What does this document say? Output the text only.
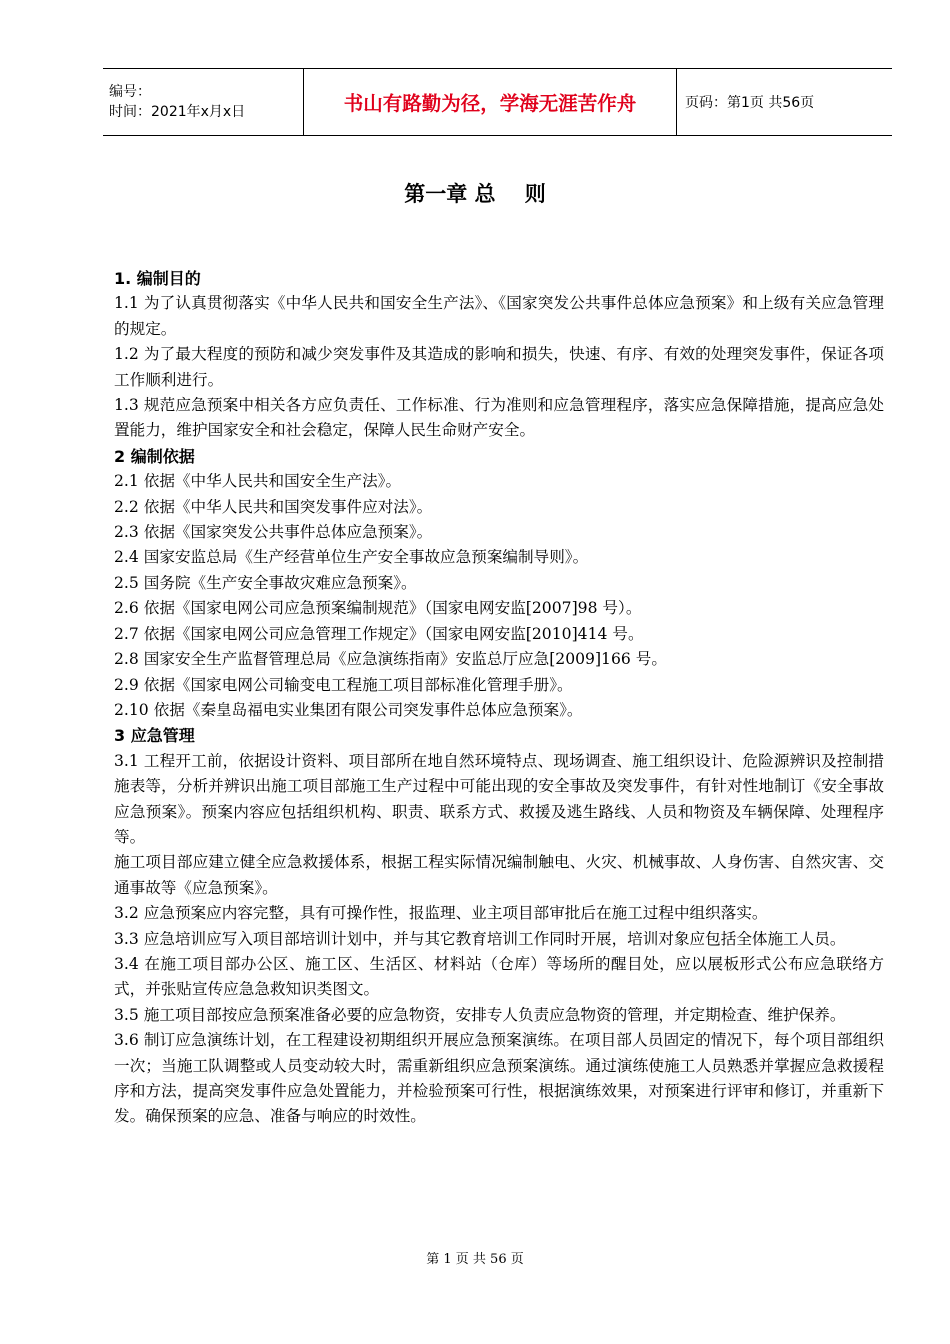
编号：
时间：2021年x月x日	书山有路勤为径，学海无涯苦作舟	页码：第1页 共56页
第一章 总    则

1. 编制目的

1.1 为了认真贯彻落实《中华人民共和国安全生产法》、《国家突发公共事件总体应急预案》和上级有关应急管理的规定。

1.2 为了最大程度的预防和减少突发事件及其造成的影响和损失，快速、有序、有效的处理突发事件，保证各项工作顺利进行。

1.3 规范应急预案中相关各方应负责任、工作标准、行为准则和应急管理程序，落实应急保障措施，提高应急处置能力，维护国家安全和社会稳定，保障人民生命财产安全。

2 编制依据

2.1 依据《中华人民共和国安全生产法》。

2.2 依据《中华人民共和国突发事件应对法》。

2.3 依据《国家突发公共事件总体应急预案》。

2.4 国家安监总局《生产经营单位生产安全事故应急预案编制导则》。

2.5 国务院《生产安全事故灾难应急预案》。

2.6 依据《国家电网公司应急预案编制规范》（国家电网安监[2007]98 号）。

2.7 依据《国家电网公司应急管理工作规定》（国家电网安监[2010]414 号。

2.8 国家安全生产监督管理总局《应急演练指南》安监总厅应急[2009]166 号。

2.9 依据《国家电网公司输变电工程施工项目部标准化管理手册》。

2.10 依据《秦皇岛福电实业集团有限公司突发事件总体应急预案》。

3 应急管理

3.1 工程开工前，依据设计资料、项目部所在地自然环境特点、现场调查、施工组织设计、危险源辨识及控制措施表等，分析并辨识出施工项目部施工生产过程中可能出现的安全事故及突发事件，有针对性地制订《安全事故应急预案》。预案内容应包括组织机构、职责、联系方式、救援及逃生路线、人员和物资及车辆保障、处理程序等。

施工项目部应建立健全应急救援体系，根据工程实际情况编制触电、火灾、机械事故、人身伤害、自然灾害、交通事故等《应急预案》。

3.2 应急预案应内容完整，具有可操作性，报监理、业主项目部审批后在施工过程中组织落实。

3.3 应急培训应写入项目部培训计划中，并与其它教育培训工作同时开展，培训对象应包括全体施工人员。

3.4 在施工项目部办公区、施工区、生活区、材料站（仓库）等场所的醒目处，应以展板形式公布应急联络方式，并张贴宣传应急急救知识类图文。

3.5 施工项目部按应急预案准备必要的应急物资，安排专人负责应急物资的管理，并定期检查、维护保养。

3.6 制订应急演练计划，在工程建设初期组织开展应急预案演练。在项目部人员固定的情况下，每个项目部组织一次；当施工队调整或人员变动较大时，需重新组织应急预案演练。通过演练使施工人员熟悉并掌握应急救援程序和方法，提高突发事件应急处置能力，并检验预案可行性，根据演练效果，对预案进行评审和修订，并重新下发。确保预案的应急、准备与响应的时效性。

第 1 页 共 56 页
